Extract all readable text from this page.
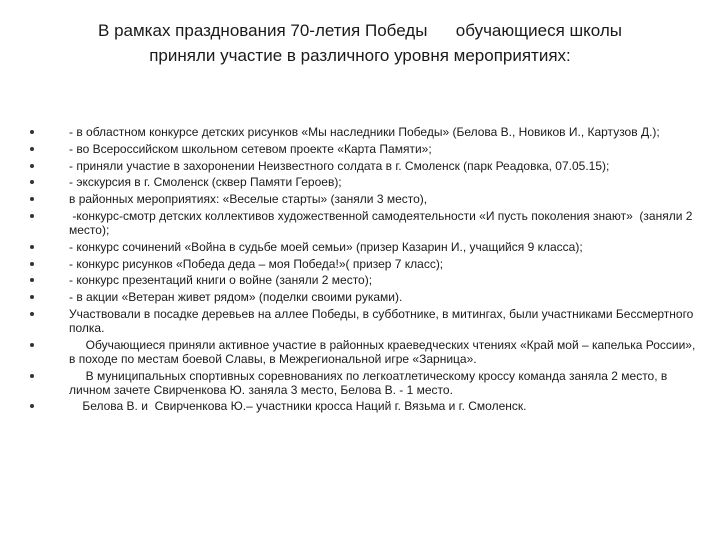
В рамках празднования 70-летия Победы      обучающиеся школы
приняли участие в различного уровня мероприятиях:
- в областном конкурсе детских рисунков «Мы наследники Победы» (Белова В., Новиков И., Картузов Д.);
- во Всероссийском школьном сетевом проекте «Карта Памяти»;
- приняли участие в захоронении Неизвестного солдата в г. Смоленск (парк Реадовка, 07.05.15);
- экскурсия в г. Смоленск (сквер Памяти Героев);
в районных мероприятиях: «Веселые старты» (заняли 3 место),
-конкурс-смотр детских коллективов художественной самодеятельности «И пусть поколения знают»  (заняли 2 место);
- конкурс сочинений «Война в судьбе моей семьи» (призер Казарин И., учащийся 9 класса);
- конкурс рисунков «Победа деда – моя Победа!»( призер 7 класс);
- конкурс презентаций книги о войне (заняли 2 место);
- в акции «Ветеран живет рядом» (поделки своими руками).
Участвовали в посадке деревьев на аллее Победы, в субботнике, в митингах, были участниками Бессмертного полка.
Обучающиеся приняли активное участие в районных краеведческих чтениях «Край мой – капелька России», в походе по местам боевой Славы, в Межрегиональной игре «Зарница».
В муниципальных спортивных соревнованиях по легкоатлетическому кроссу команда заняла 2 место, в личном зачете Свирченкова Ю. заняла 3 место, Белова В. - 1 место.
Белова В. и  Свирченкова Ю.– участники кросса Наций г. Вязьма и г. Смоленск.
